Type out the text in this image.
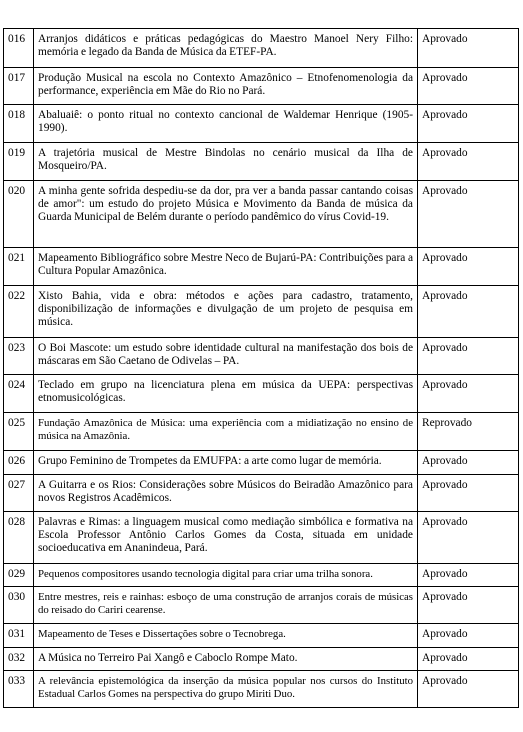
016	Arranjos didáticos e práticas pedagógicas do Maestro Manoel Nery Filho: memória e legado da Banda de Música da ETEF-PA.	Aprovado
017	Produção Musical na escola no Contexto Amazônico – Etnofenomenologia da performance, experiência em Mãe do Rio no Pará.	Aprovado
018	Abaluaiê: o ponto ritual no contexto cancional de Waldemar Henrique (1905-1990).	Aprovado
019	A trajetória musical de Mestre Bindolas no cenário musical da Ilha de Mosqueiro/PA.	Aprovado
020	A minha gente sofrida despediu-se da dor, pra ver a banda passar cantando coisas de amor": um estudo do projeto Música e Movimento da Banda de música da Guarda Municipal de Belém durante o período pandêmico do vírus Covid-19.	Aprovado
021	Mapeamento Bibliográfico sobre Mestre Neco de Bujarú-PA: Contribuições para a Cultura Popular Amazônica.	Aprovado
022	Xisto Bahia, vida e obra: métodos e ações para cadastro, tratamento, disponibilização de informações e divulgação de um projeto de pesquisa em música.	Aprovado
023	O Boi Mascote: um estudo sobre identidade cultural na manifestação dos bois de máscaras em São Caetano de Odivelas – PA.	Aprovado
024	Teclado em grupo na licenciatura plena em música da UEPA: perspectivas etnomusicológicas.	Aprovado
025	Fundação Amazônica de Música: uma experiência com a midiatização no ensino de música na Amazônia.	Reprovado
026	Grupo Feminino de Trompetes da EMUFPA: a arte como lugar de memória.	Aprovado
027	A Guitarra e os Rios: Considerações sobre Músicos do Beiradão Amazônico para novos Registros Acadêmicos.	Aprovado
028	Palavras e Rimas: a linguagem musical como mediação simbólica e formativa na Escola Professor Antônio Carlos Gomes da Costa, situada em unidade socioeducativa em Ananindeua, Pará.	Aprovado
029	Pequenos compositores usando tecnologia digital para criar uma trilha sonora.	Aprovado
030	Entre mestres, reis e rainhas: esboço de uma construção de arranjos corais de músicas do reisado do Cariri cearense.	Aprovado
031	Mapeamento de Teses e Dissertações sobre o Tecnobrega.	Aprovado
032	A Música no Terreiro Pai Xangô e Caboclo Rompe Mato.	Aprovado
033	A relevância epistemológica da inserção da música popular nos cursos do Instituto Estadual Carlos Gomes na perspectiva do grupo Miriti Duo.	Aprovado
